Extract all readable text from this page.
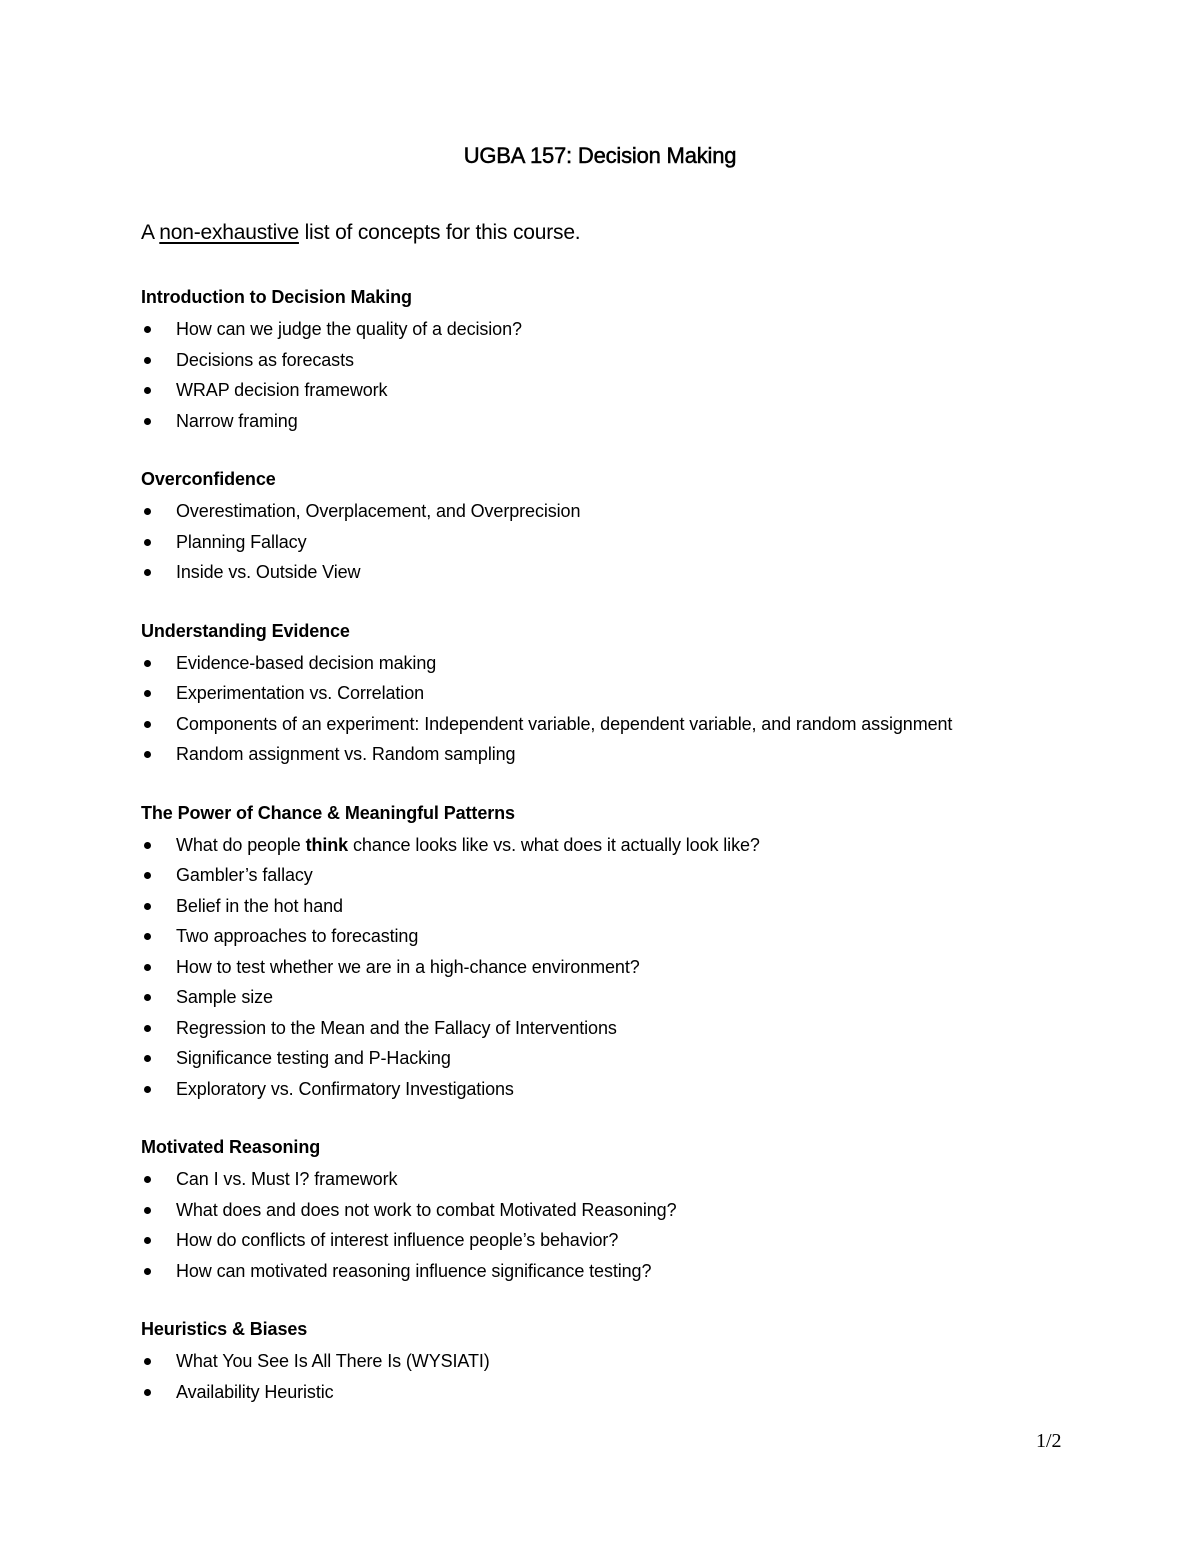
UGBA 157: Decision Making
A non-exhaustive list of concepts for this course.
Introduction to Decision Making
How can we judge the quality of a decision?
Decisions as forecasts
WRAP decision framework
Narrow framing
Overconfidence
Overestimation, Overplacement, and Overprecision
Planning Fallacy
Inside vs. Outside View
Understanding Evidence
Evidence-based decision making
Experimentation vs. Correlation
Components of an experiment: Independent variable, dependent variable, and random assignment
Random assignment vs. Random sampling
The Power of Chance & Meaningful Patterns
What do people think chance looks like vs. what does it actually look like?
Gambler’s fallacy
Belief in the hot hand
Two approaches to forecasting
How to test whether we are in a high-chance environment?
Sample size
Regression to the Mean and the Fallacy of Interventions
Significance testing and P-Hacking
Exploratory vs. Confirmatory Investigations
Motivated Reasoning
Can I vs. Must I? framework
What does and does not work to combat Motivated Reasoning?
How do conflicts of interest influence people’s behavior?
How can motivated reasoning influence significance testing?
Heuristics & Biases
What You See Is All There Is (WYSIATI)
Availability Heuristic
1/2
